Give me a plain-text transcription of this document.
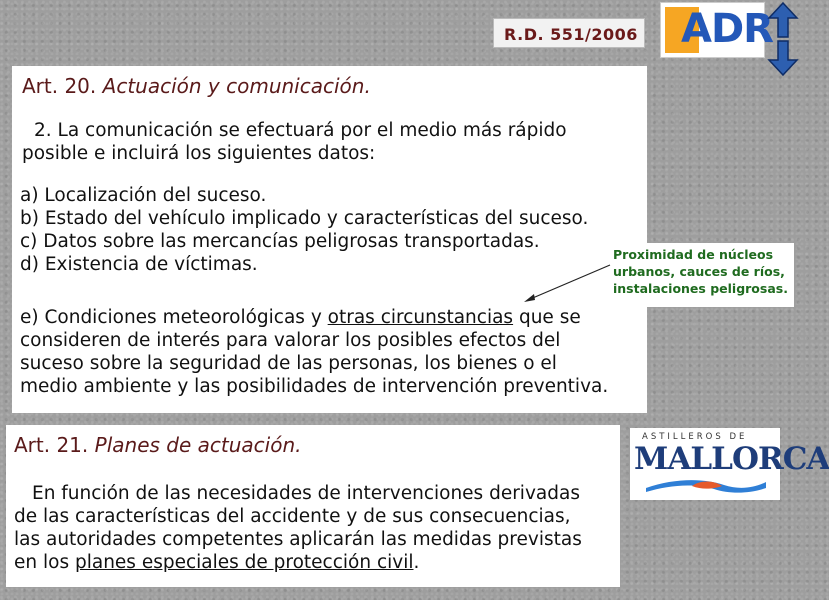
R.D. 551/2006 ADR
Art. 20. Actuación y comunicación.
2. La comunicación se efectuará por el medio más rápido
posible e incluirá los siguientes datos:
a) Localización del suceso.
b) Estado del vehículo implicado y características del suceso.
c) Datos sobre las mercancías peligrosas transportadas.
d) Existencia de víctimas.
e) Condiciones meteorológicas y otras circunstancias que se
consideren de interés para valorar los posibles efectos del
suceso sobre la seguridad de las personas, los bienes o el
medio ambiente y las posibilidades de intervención preventiva.
Proximidad de núcleos
urbanos, cauces de ríos,
instalaciones peligrosas.
Art. 21. Planes de actuación.
En función de las necesidades de intervenciones derivadas
de las características del accidente y de sus consecuencias,
las autoridades competentes aplicarán las medidas previstas
en los planes especiales de protección civil.
ASTILLEROS DE
MALLORCA
